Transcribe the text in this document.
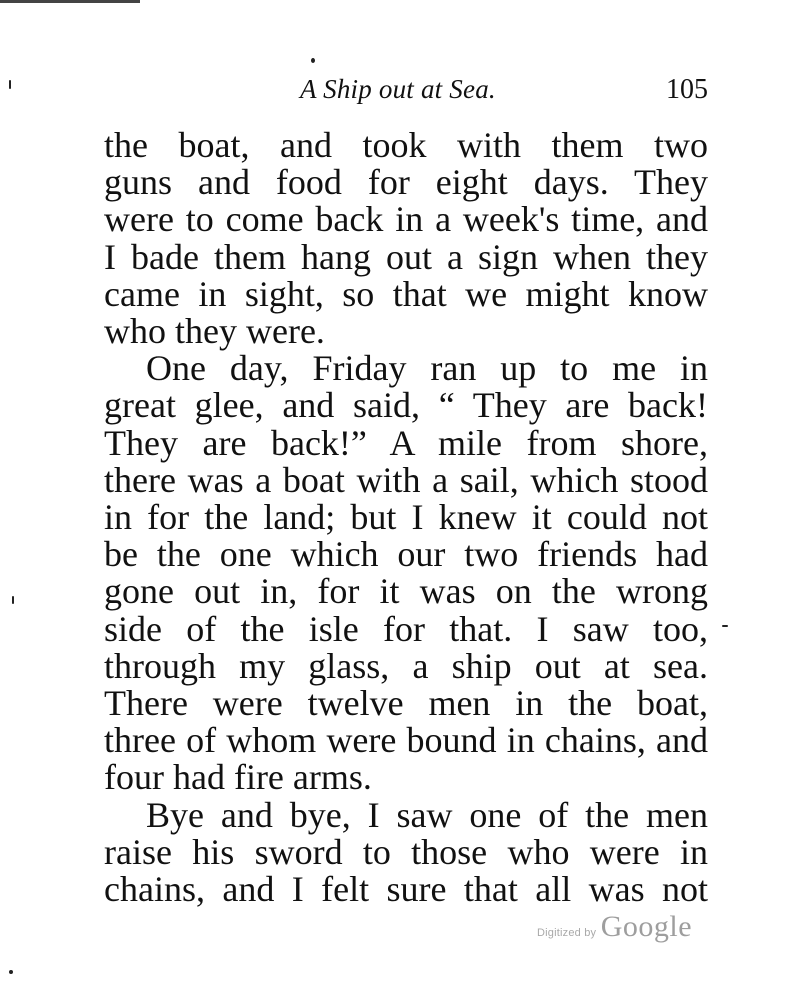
A Ship out at Sea.	105
the boat, and took with them two
guns and food for eight days. They
were to come back in a week's time, and
I bade them hang out a sign when they
came in sight, so that we might know
who they were.
One day, Friday ran up to me in
great glee, and said, “ They are back!
They are back!” A mile from shore,
there was a boat with a sail, which stood
in for the land; but I knew it could not
be the one which our two friends had
gone out in, for it was on the wrong
side of the isle for that. I saw too,
through my glass, a ship out at sea.
There were twelve men in the boat,
three of whom were bound in chains, and
four had fire arms.
Bye and bye, I saw one of the men
raise his sword to those who were in
chains, and I felt sure that all was not
Digitized by Google
